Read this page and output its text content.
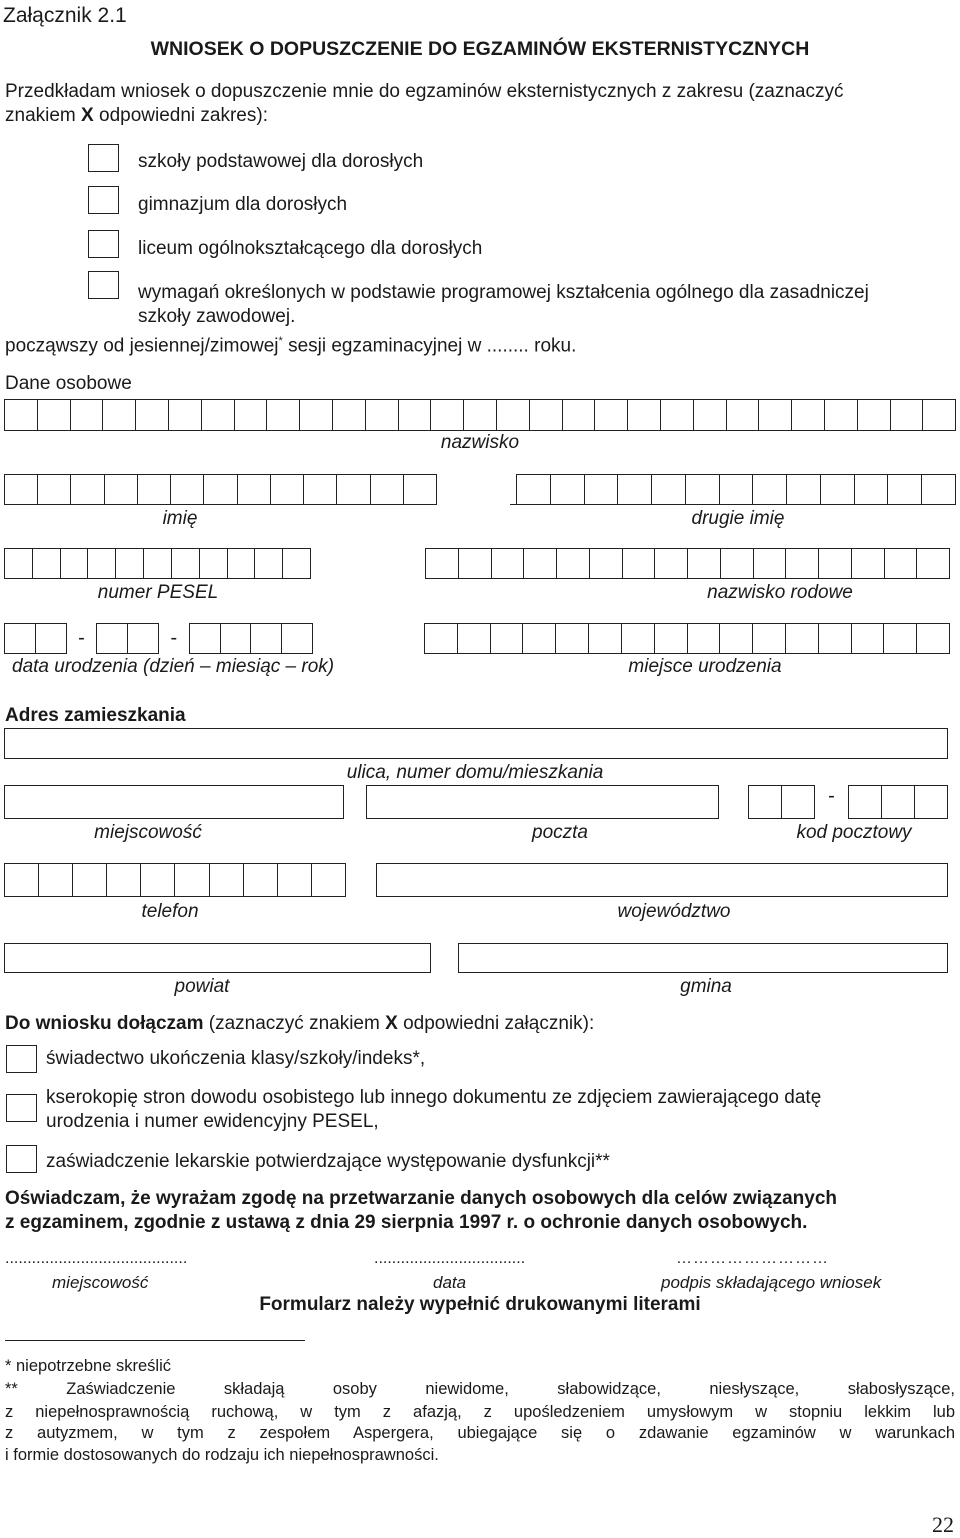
Załącznik 2.1
WNIOSEK O DOPUSZCZENIE DO EGZAMINÓW EKSTERNISTYCZNYCH
Przedkładam wniosek o dopuszczenie mnie do egzaminów eksternistycznych z zakresu (zaznaczyć
znakiem X odpowiedni zakres):
szkoły podstawowej dla dorosłych
gimnazjum dla dorosłych
liceum ogólnokształcącego dla dorosłych
wymagań określonych w podstawie programowej kształcenia ogólnego dla zasadniczej
szkoły zawodowej.
począwszy od jesiennej/zimowej* sesji egzaminacyjnej w ........ roku.
Dane osobowe
nazwisko
imię	drugie imię
numer PESEL	nazwisko rodowe
-	-
data urodzenia (dzień – miesiąc – rok)	miejsce urodzenia
Adres zamieszkania
ulica, numer domu/mieszkania
-
miejscowość	poczta	kod pocztowy
telefon	województwo
powiat	gmina
Do wniosku dołączam (zaznaczyć znakiem X odpowiedni załącznik):
świadectwo ukończenia klasy/szkoły/indeks*,
kserokopię stron dowodu osobistego lub innego dokumentu ze zdjęciem zawierającego datę
urodzenia i numer ewidencyjny PESEL,
zaświadczenie lekarskie potwierdzające występowanie dysfunkcji**
Oświadczam, że wyrażam zgodę na przetwarzanie danych osobowych dla celów związanych
z egzaminem, zgodnie z ustawą z dnia 29 sierpnia 1997 r. o ochronie danych osobowych.
.........................................	..................................	………………………
miejscowość	data	podpis składającego wniosek
Formularz należy wypełnić drukowanymi literami
* niepotrzebne skreślić
** Zaświadczenie składają osoby niewidome, słabowidzące, niesłyszące, słabosłyszące,
z niepełnosprawnością ruchową, w tym z afazją, z upośledzeniem umysłowym w stopniu lekkim lub
z autyzmem, w tym z zespołem Aspergera, ubiegające się o zdawanie egzaminów w warunkach
i formie dostosowanych do rodzaju ich niepełnosprawności.
22
